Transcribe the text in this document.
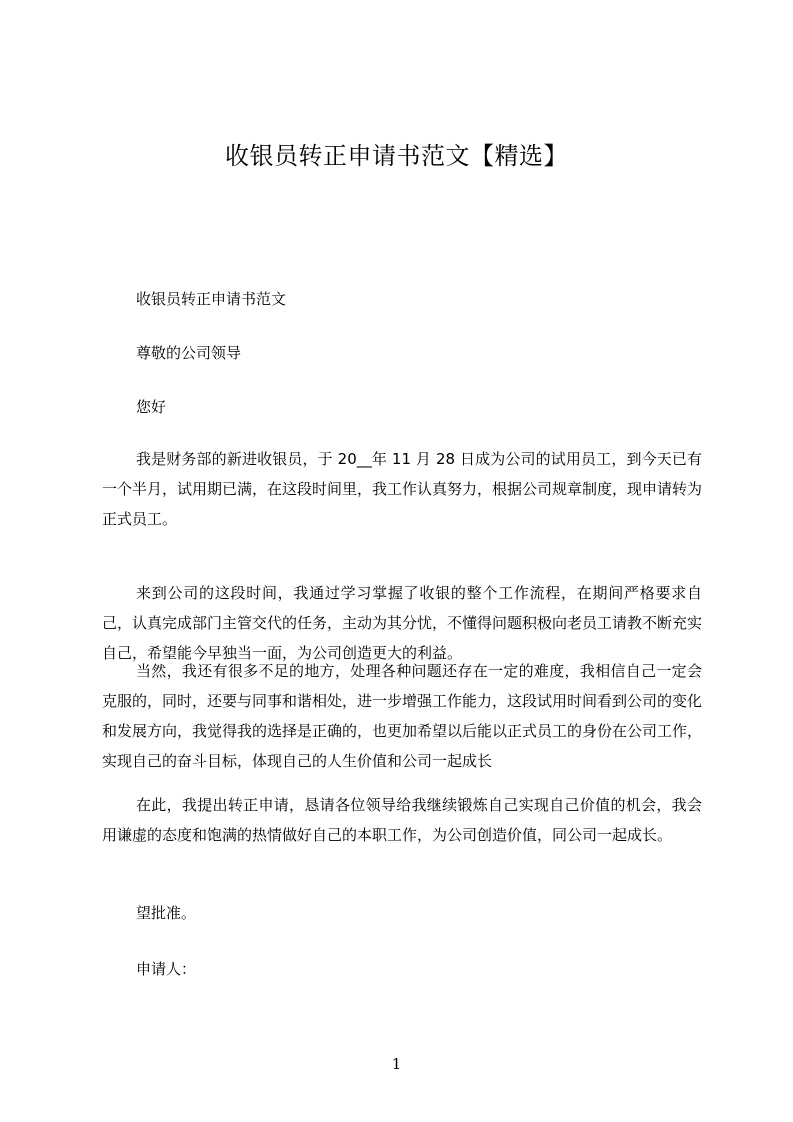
收银员转正申请书范文【精选】

收银员转正申请书范文

尊敬的公司领导

您好

我是财务部的新进收银员，于 20__年 11 月 28 日成为公司的试用员工，到今天已有一个半月，试用期已满，在这段时间里，我工作认真努力，根据公司规章制度，现申请转为正式员工。

来到公司的这段时间，我通过学习掌握了收银的整个工作流程，在期间严格要求自己，认真完成部门主管交代的任务，主动为其分忧，不懂得问题积极向老员工请教不断充实自己，希望能今早独当一面，为公司创造更大的利益。

当然，我还有很多不足的地方，处理各种问题还存在一定的难度，我相信自己一定会克服的，同时，还要与同事和谐相处，进一步增强工作能力，这段试用时间看到公司的变化和发展方向，我觉得我的选择是正确的，也更加希望以后能以正式员工的身份在公司工作，实现自己的奋斗目标，体现自己的人生价值和公司一起成长

在此，我提出转正申请，恳请各位领导给我继续锻炼自己实现自己价值的机会，我会用谦虚的态度和饱满的热情做好自己的本职工作，为公司创造价值，同公司一起成长。

望批准。

申请人：

1
